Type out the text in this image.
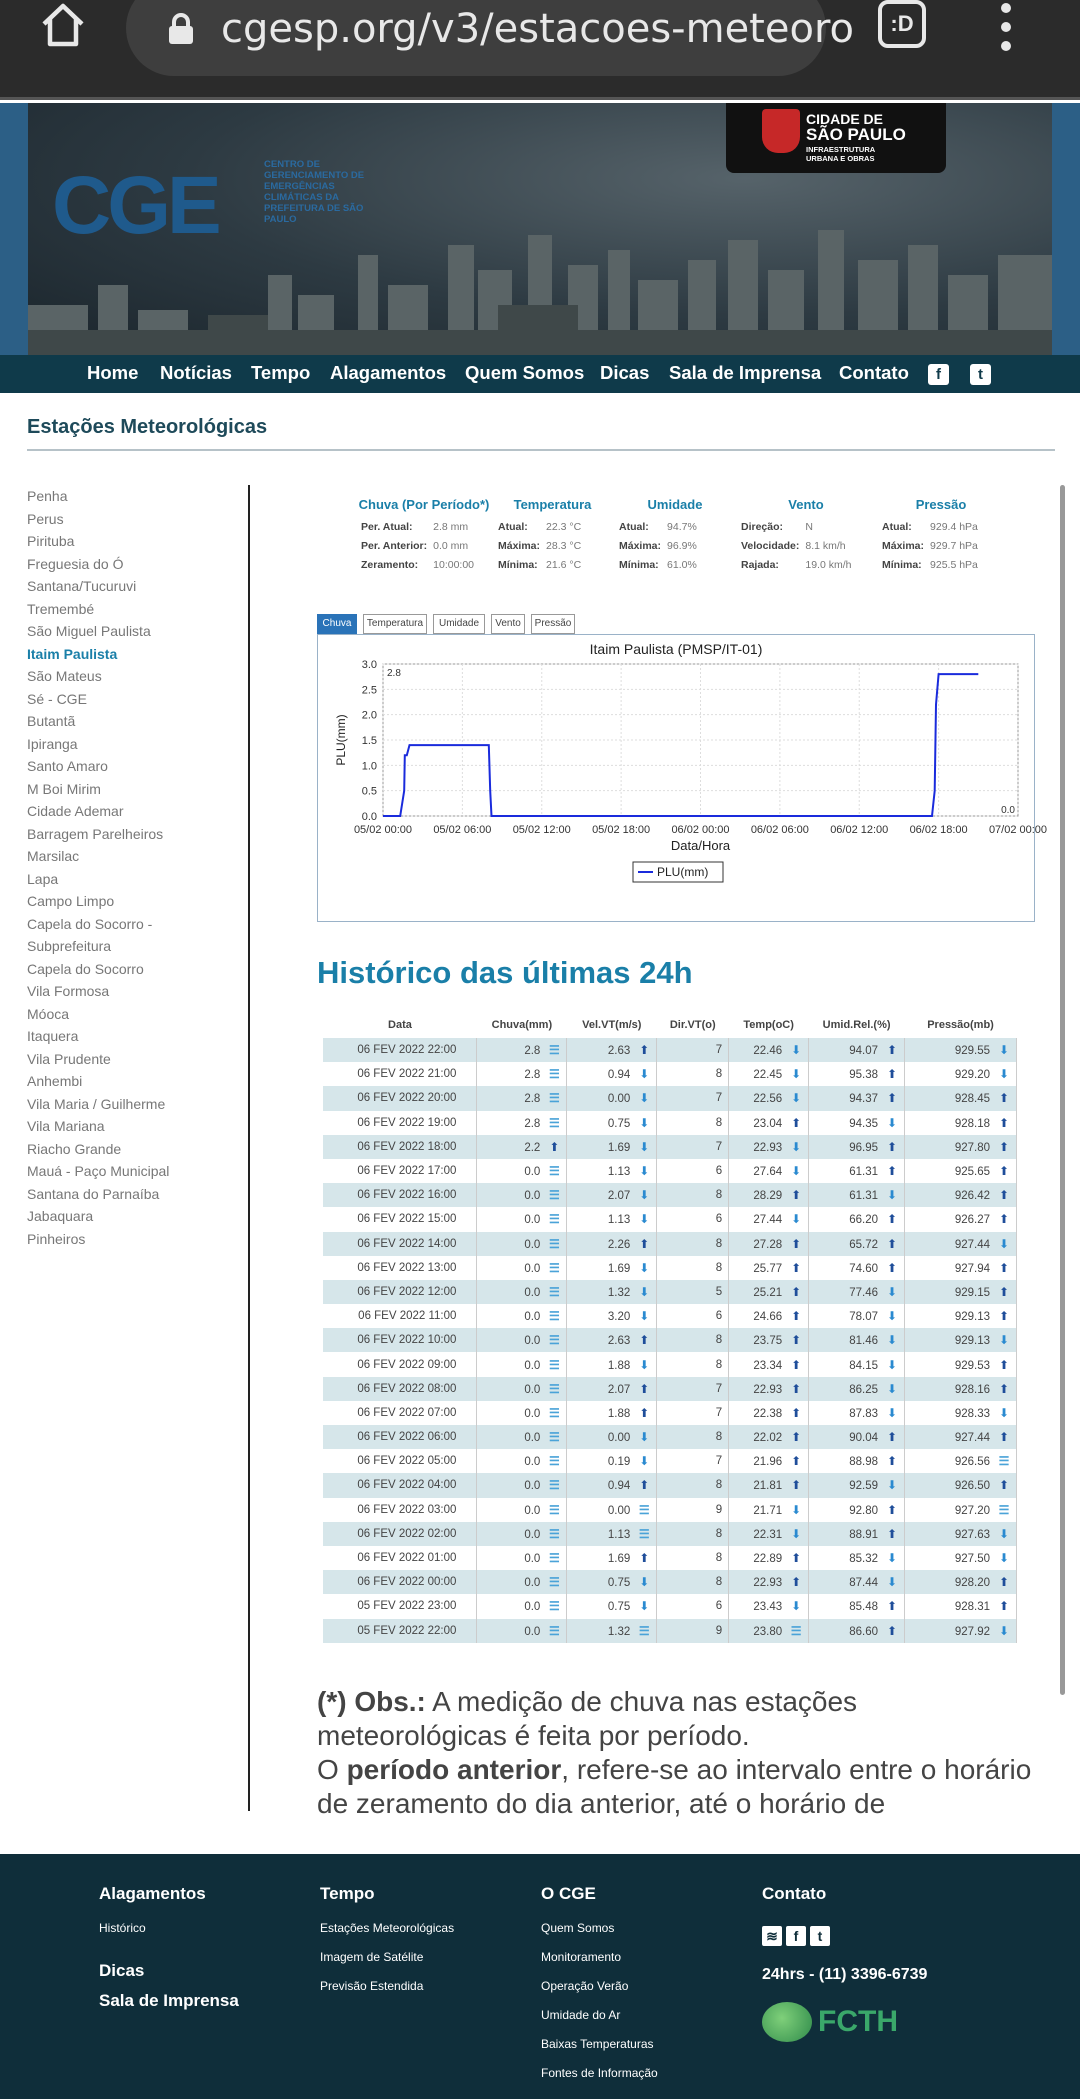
cgesp.org/v3/estacoes-meteoro	:D
CGE	CENTRO DE GERENCIAMENTO DE EMERGÊNCIAS CLIMÁTICAS DA PREFEITURA DE SÃO PAULO
CIDADE DE
SÃO PAULO
INFRAESTRUTURA URBANA E OBRAS
Home Notícias Tempo Alagamentos Quem Somos Dicas Sala de Imprensa Contato	f	t
Estações Meteorológicas
Penha
Perus
Pirituba
Freguesia do Ó
Santana/Tucuruvi
Tremembé
São Miguel Paulista
Itaim Paulista
São Mateus
Sé - CGE
Butantã
Ipiranga
Santo Amaro
M Boi Mirim
Cidade Ademar
Barragem Parelheiros
Marsilac
Lapa
Campo Limpo
Capela do Socorro -
Subprefeitura
Capela do Socorro
Vila Formosa
Móoca
Itaquera
Vila Prudente
Anhembi
Vila Maria / Guilherme
Vila Mariana
Riacho Grande
Mauá - Paço Municipal
Santana do Parnaíba
Jabaquara
Pinheiros
Chuva (Por Período*)
Per. Atual:	2.8 mm
Per. Anterior:	0.0 mm
Zeramento:	10:00:00
Temperatura
Atual:	22.3 °C
Máxima:	28.3 °C
Mínima:	21.6 °C
Umidade
Atual:	94.7%
Máxima:	96.9%
Mínima:	61.0%
Vento
Direção:	N
Velocidade:	8.1 km/h
Rajada:	19.0 km/h
Pressão
Atual:	929.4 hPa
Máxima:	929.7 hPa
Mínima:	925.5 hPa
Chuva	Temperatura	Umidade	Vento	Pressão
Itaim Paulista (PMSP/IT-01)
0.0
0.5
1.0
1.5
2.0
2.5
3.0
05/02 00:00 05/02 06:00 05/02 12:00 05/02 18:00 06/02 00:00 06/02 06:00 06/02 12:00 06/02 18:00 07/02 00:00
Data/Hora
PLU(mm)
2.8
0.0
PLU(mm)
Histórico das últimas 24h
Data	Chuva(mm)	Vel.VT(m/s)	Dir.VT(o)	Temp(oC)	Umid.Rel.(%)	Pressão(mb)
06 FEV 2022 22:00	2.8 ☰	2.63 ⬆	7	22.46 ⬇	94.07 ⬆	929.55 ⬇
06 FEV 2022 21:00	2.8 ☰	0.94 ⬇	8	22.45 ⬇	95.38 ⬆	929.20 ⬇
06 FEV 2022 20:00	2.8 ☰	0.00 ⬇	7	22.56 ⬇	94.37 ⬆	928.45 ⬆
06 FEV 2022 19:00	2.8 ☰	0.75 ⬇	8	23.04 ⬆	94.35 ⬇	928.18 ⬆
06 FEV 2022 18:00	2.2 ⬆	1.69 ⬇	7	22.93 ⬇	96.95 ⬆	927.80 ⬆
06 FEV 2022 17:00	0.0 ☰	1.13 ⬇	6	27.64 ⬇	61.31 ⬆	925.65 ⬆
06 FEV 2022 16:00	0.0 ☰	2.07 ⬇	8	28.29 ⬆	61.31 ⬇	926.42 ⬆
06 FEV 2022 15:00	0.0 ☰	1.13 ⬇	6	27.44 ⬇	66.20 ⬆	926.27 ⬆
06 FEV 2022 14:00	0.0 ☰	2.26 ⬆	8	27.28 ⬆	65.72 ⬆	927.44 ⬇
06 FEV 2022 13:00	0.0 ☰	1.69 ⬇	8	25.77 ⬆	74.60 ⬆	927.94 ⬆
06 FEV 2022 12:00	0.0 ☰	1.32 ⬇	5	25.21 ⬆	77.46 ⬇	929.15 ⬆
06 FEV 2022 11:00	0.0 ☰	3.20 ⬇	6	24.66 ⬆	78.07 ⬇	929.13 ⬆
06 FEV 2022 10:00	0.0 ☰	2.63 ⬆	8	23.75 ⬆	81.46 ⬇	929.13 ⬇
06 FEV 2022 09:00	0.0 ☰	1.88 ⬇	8	23.34 ⬆	84.15 ⬇	929.53 ⬆
06 FEV 2022 08:00	0.0 ☰	2.07 ⬆	7	22.93 ⬆	86.25 ⬇	928.16 ⬆
06 FEV 2022 07:00	0.0 ☰	1.88 ⬆	7	22.38 ⬆	87.83 ⬇	928.33 ⬇
06 FEV 2022 06:00	0.0 ☰	0.00 ⬇	8	22.02 ⬆	90.04 ⬆	927.44 ⬆
06 FEV 2022 05:00	0.0 ☰	0.19 ⬇	7	21.96 ⬆	88.98 ⬆	926.56 ☰
06 FEV 2022 04:00	0.0 ☰	0.94 ⬆	8	21.81 ⬆	92.59 ⬇	926.50 ⬆
06 FEV 2022 03:00	0.0 ☰	0.00 ☰	9	21.71 ⬇	92.80 ⬆	927.20 ☰
06 FEV 2022 02:00	0.0 ☰	1.13 ☰	8	22.31 ⬇	88.91 ⬆	927.63 ⬇
06 FEV 2022 01:00	0.0 ☰	1.69 ⬆	8	22.89 ⬆	85.32 ⬇	927.50 ⬇
06 FEV 2022 00:00	0.0 ☰	0.75 ⬇	8	22.93 ⬆	87.44 ⬇	928.20 ⬆
05 FEV 2022 23:00	0.0 ☰	0.75 ⬇	6	23.43 ⬇	85.48 ⬆	928.31 ⬆
05 FEV 2022 22:00	0.0 ☰	1.32 ☰	9	23.80 ☰	86.60 ⬆	927.92 ⬇
(*) Obs.: A medição de chuva nas estações meteorológicas é feita por período.
O período anterior, refere-se ao intervalo entre o horário de zeramento do dia anterior, até o horário de
Alagamentos
Histórico
Dicas
Sala de Imprensa
Tempo
Estações Meteorológicas
Imagem de Satélite
Previsão Estendida
O CGE
Quem Somos
Monitoramento
Operação Verão
Umidade do Ar
Baixas Temperaturas
Fontes de Informação
Contato
≋	f	t
24hrs - (11) 3396-6739
FCTH
